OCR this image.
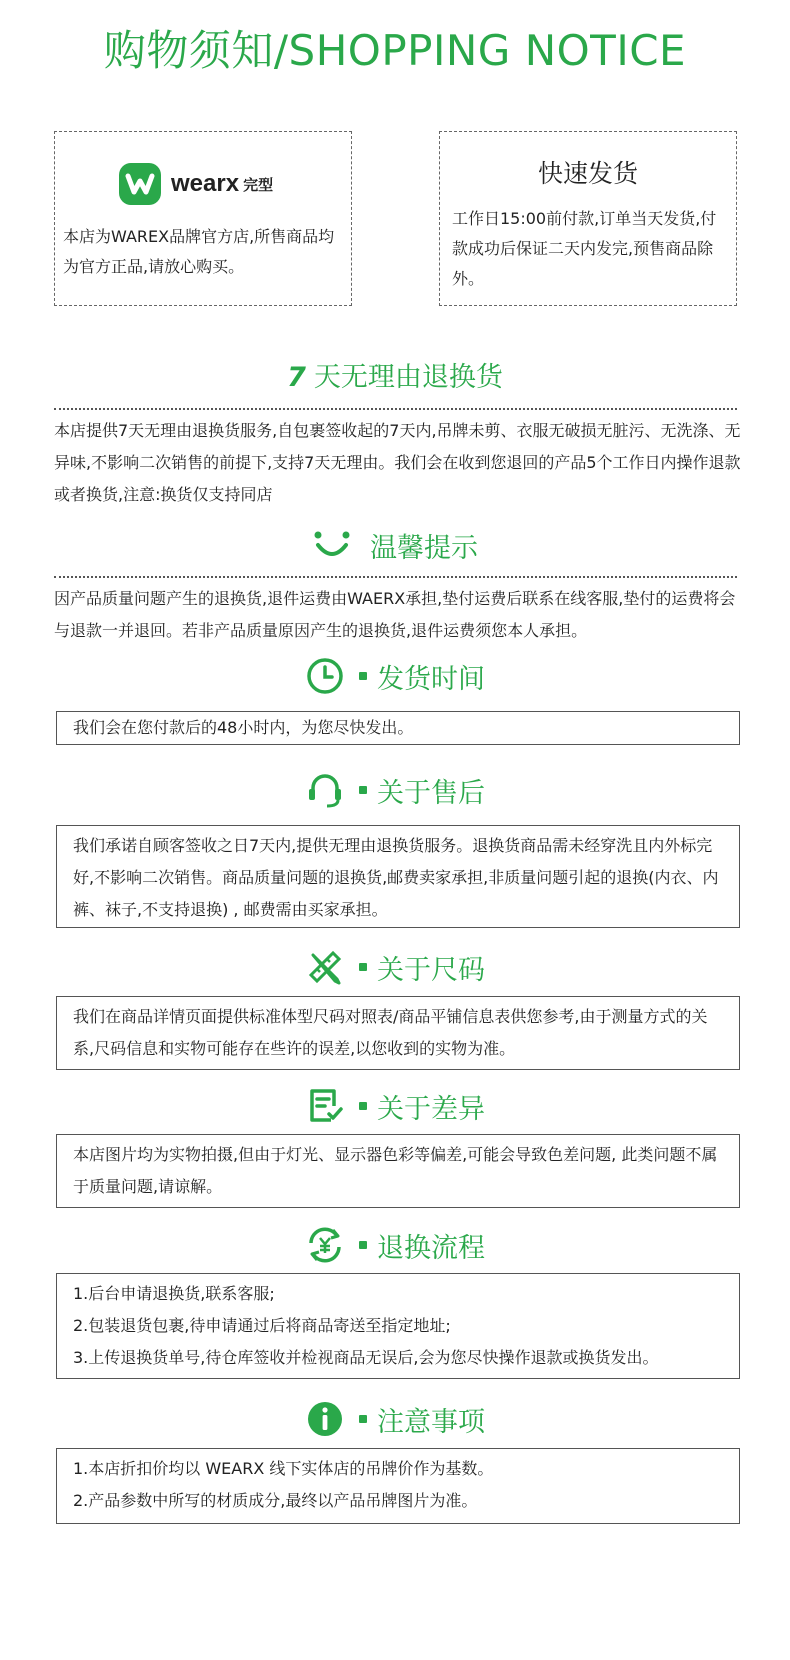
购物须知/SHOPPING NOTICE
wearx 完型
本店为WAREX品牌官方店,所售商品均为官方正品,请放心购买。
快速发货
工作日15:00前付款,订单当天发货,付款成功后保证二天内发完,预售商品除外。
7 天无理由退换货
本店提供7天无理由退换货服务,自包裹签收起的7天内,吊牌未剪、衣服无破损无脏污、无洗涤、无异味,不影响二次销售的前提下,支持7天无理由。我们会在收到您退回的产品5个工作日内操作退款或者换货,注意:换货仅支持同店
温馨提示
因产品质量问题产生的退换货,退件运费由WAERX承担,垫付运费后联系在线客服,垫付的运费将会与退款一并退回。若非产品质量原因产生的退换货,退件运费须您本人承担。
发货时间
我们会在您付款后的48小时内，为您尽快发出。
关于售后
我们承诺自顾客签收之日7天内,提供无理由退换货服务。退换货商品需未经穿洗且内外标完好,不影响二次销售。商品质量问题的退换货,邮费卖家承担,非质量问题引起的退换(内衣、内裤、袜子,不支持退换) , 邮费需由买家承担。
关于尺码
我们在商品详情页面提供标准体型尺码对照表/商品平铺信息表供您参考,由于测量方式的关系,尺码信息和实物可能存在些许的误差,以您收到的实物为准。
关于差异
本店图片均为实物拍摄,但由于灯光、显示器色彩等偏差,可能会导致色差问题, 此类问题不属于质量问题,请谅解。
退换流程
1.后台申请退换货,联系客服;
2.包装退货包裹,待申请通过后将商品寄送至指定地址;
3.上传退换货单号,待仓库签收并检视商品无误后,会为您尽快操作退款或换货发出。
注意事项
1.本店折扣价均以 WEARX 线下实体店的吊牌价作为基数。
2.产品参数中所写的材质成分,最终以产品吊牌图片为准。
